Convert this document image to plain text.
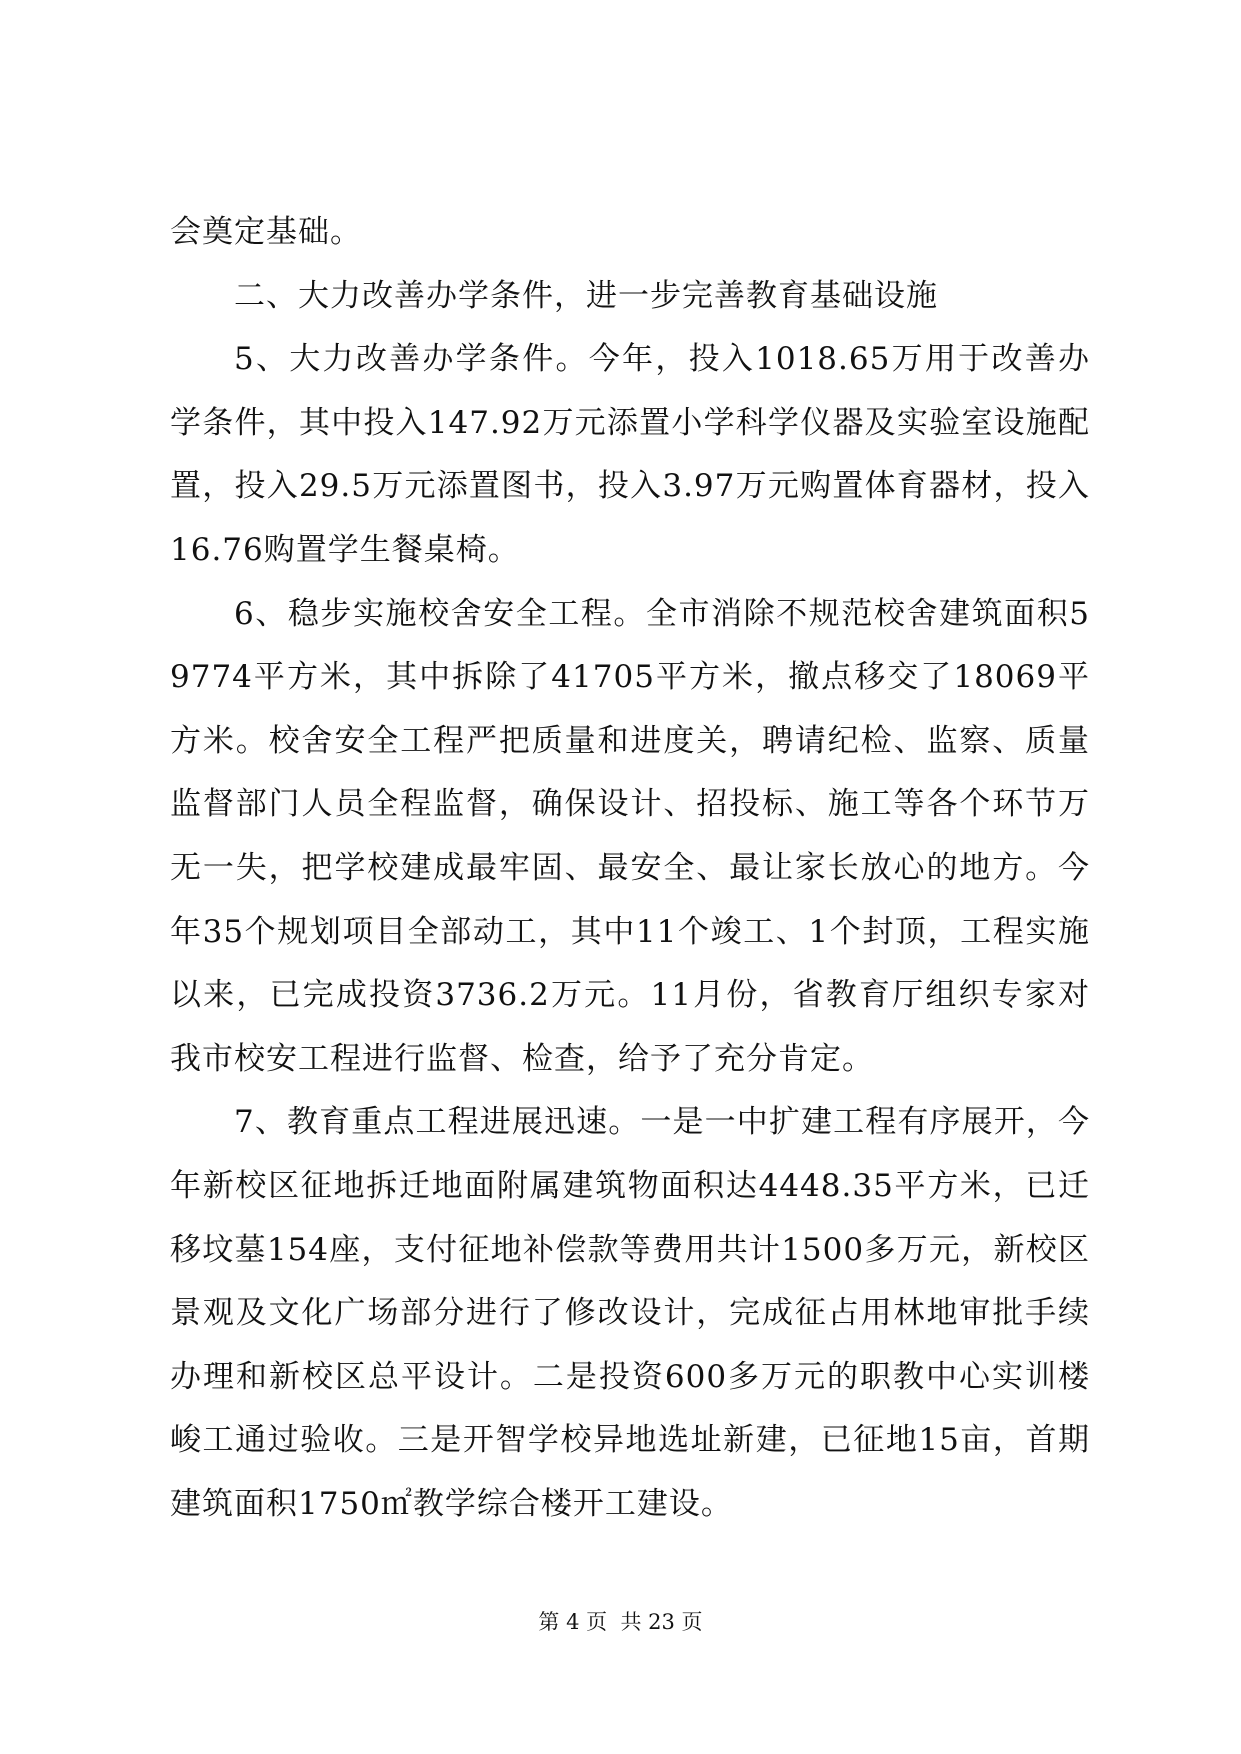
会奠定基础。

二、大力改善办学条件，进一步完善教育基础设施

5、大力改善办学条件。今年，投入1018.65万用于改善办学条件，其中投入147.92万元添置小学科学仪器及实验室设施配置，投入29.5万元添置图书，投入3.97万元购置体育器材，投入16.76购置学生餐桌椅。

6、稳步实施校舍安全工程。全市消除不规范校舍建筑面积59774平方米，其中拆除了41705平方米，撤点移交了18069平方米。校舍安全工程严把质量和进度关，聘请纪检、监察、质量监督部门人员全程监督，确保设计、招投标、施工等各个环节万无一失，把学校建成最牢固、最安全、最让家长放心的地方。今年35个规划项目全部动工，其中11个竣工、1个封顶，工程实施以来，已完成投资3736.2万元。11月份，省教育厅组织专家对我市校安工程进行监督、检查，给予了充分肯定。

7、教育重点工程进展迅速。一是一中扩建工程有序展开，今年新校区征地拆迁地面附属建筑物面积达4448.35平方米，已迁移坟墓154座，支付征地补偿款等费用共计1500多万元，新校区景观及文化广场部分进行了修改设计，完成征占用林地审批手续办理和新校区总平设计。二是投资600多万元的职教中心实训楼峻工通过验收。三是开智学校异地选址新建，已征地15亩，首期建筑面积1750㎡教学综合楼开工建设。

第 4 页  共 23 页
